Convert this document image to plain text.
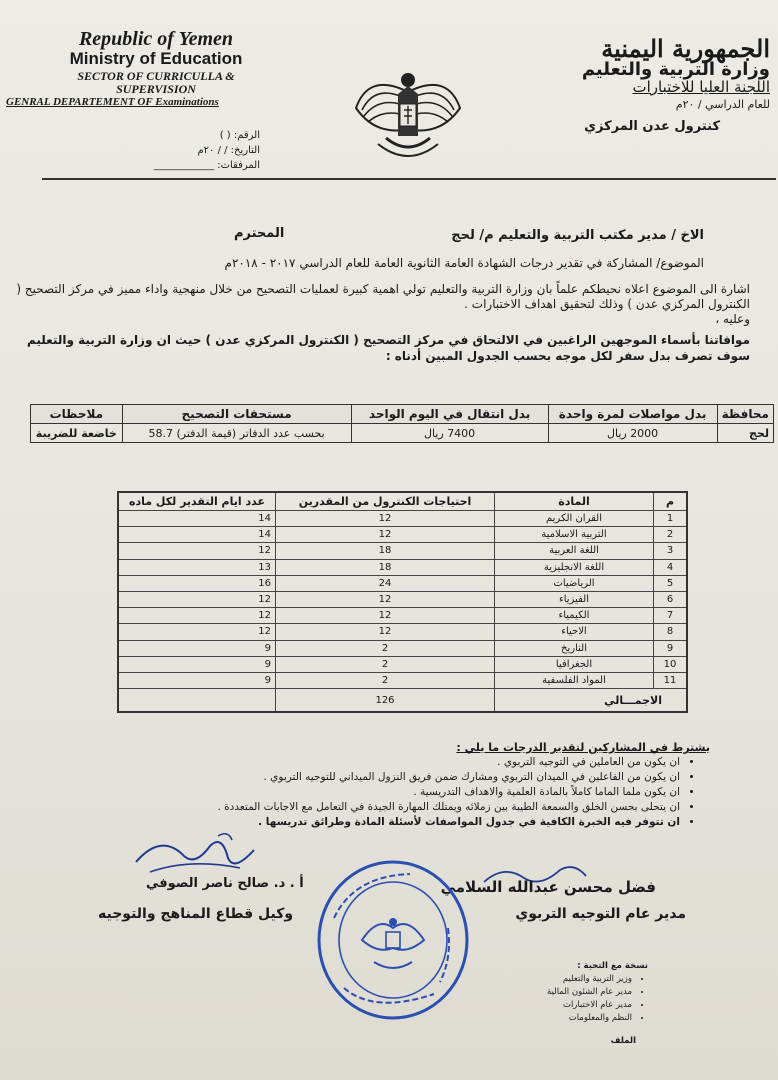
Republic of Yemen
Ministry of Education
SECTOR OF CURRICULLA &
SUPERVISION
GENRAL DEPARTEMENT OF Examinations
الرقم: ( )
التاريخ: / / ٢٠م
المرفقات: ____________
الجمهورية اليمنية
وزارة التربية والتعليم
اللجنة العليا للاختبارات
للعام الدراسي / ٢٠م
كنترول عدن المركزي
الاخ / مدير مكتب التربية والتعليم م/ لحج
المحترم
الموضوع/ المشاركة في تقدير درجات الشهادة العامة الثانوية العامة للعام الدراسي ٢٠١٧ - ٢٠١٨م
اشارة الى الموضوع اعلاه نحيطكم علماً بان وزارة التربية والتعليم تولي اهمية كبيرة لعمليات التصحيح من خلال منهجية واداء مميز في مركز التصحيح ( الكنترول المركزي عدن ) وذلك لتحقيق اهداف الاختبارات .
وعليه ،
موافاتنا بأسماء الموجهين الراغبين في الالتحاق في مركز التصحيح ( الكنترول المركزي عدن ) حيث ان وزارة التربية والتعليم سوف تصرف بدل سفر لكل موجه بحسب الجدول المبين أدناه :
محافظة	بدل مواصلات لمرة واحدة	بدل انتقال في اليوم الواحد	مستحقات التصحيح	ملاحظات
لحج	2000 ريال	7400 ريال	بحسب عدد الدفاتر (قيمة الدفتر) 58.7	خاضعة للضريبة
م	المادة	احتياجات الكنترول من المقدرين	عدد ايام التقدير لكل ماده
1	القران الكريم	12	14
2	التربية الاسلامية	12	14
3	اللغة العربية	18	12
4	اللغة الانجليزية	18	13
5	الرياضيات	24	16
6	الفيزياء	12	12
7	الكيمياء	12	12
8	الاحياء	12	12
9	التاريخ	2	9
10	الجغرافيا	2	9
11	المواد الفلسفية	2	9
الاجمـــالي		126	
يشترط في المشاركين لتقدير الدرجات ما يلي :
• ان يكون من العاملين في التوجيه التربوي .
• ان يكون من الفاعلين في الميدان التربوي ومشارك ضمن فريق النزول الميداني للتوجيه التربوي .
• ان يكون ملما الماما كاملاً بالمادة العلمية والاهداف التدريسية .
• ان يتحلى بحسن الخلق والسمعة الطيبة بين زملائه ويمتلك المهارة الجيدة في التعامل مع الاجابات المتعددة .
• ان تتوفر فيه الخبرة الكافية في جدول المواصفات لأسئلة المادة وطرائق تدريسها .
فضل محسن عبدالله السلامي
مدير عام التوجيه التربوي
أ . د. صالح ناصر الصوفي
وكيل قطاع المناهج والتوجيه
نسخة مع التحية :
• وزير التربية والتعليم
• مدير عام الشئون المالية
• مدير عام الاختبارات
• النظم والمعلومات
الملف
